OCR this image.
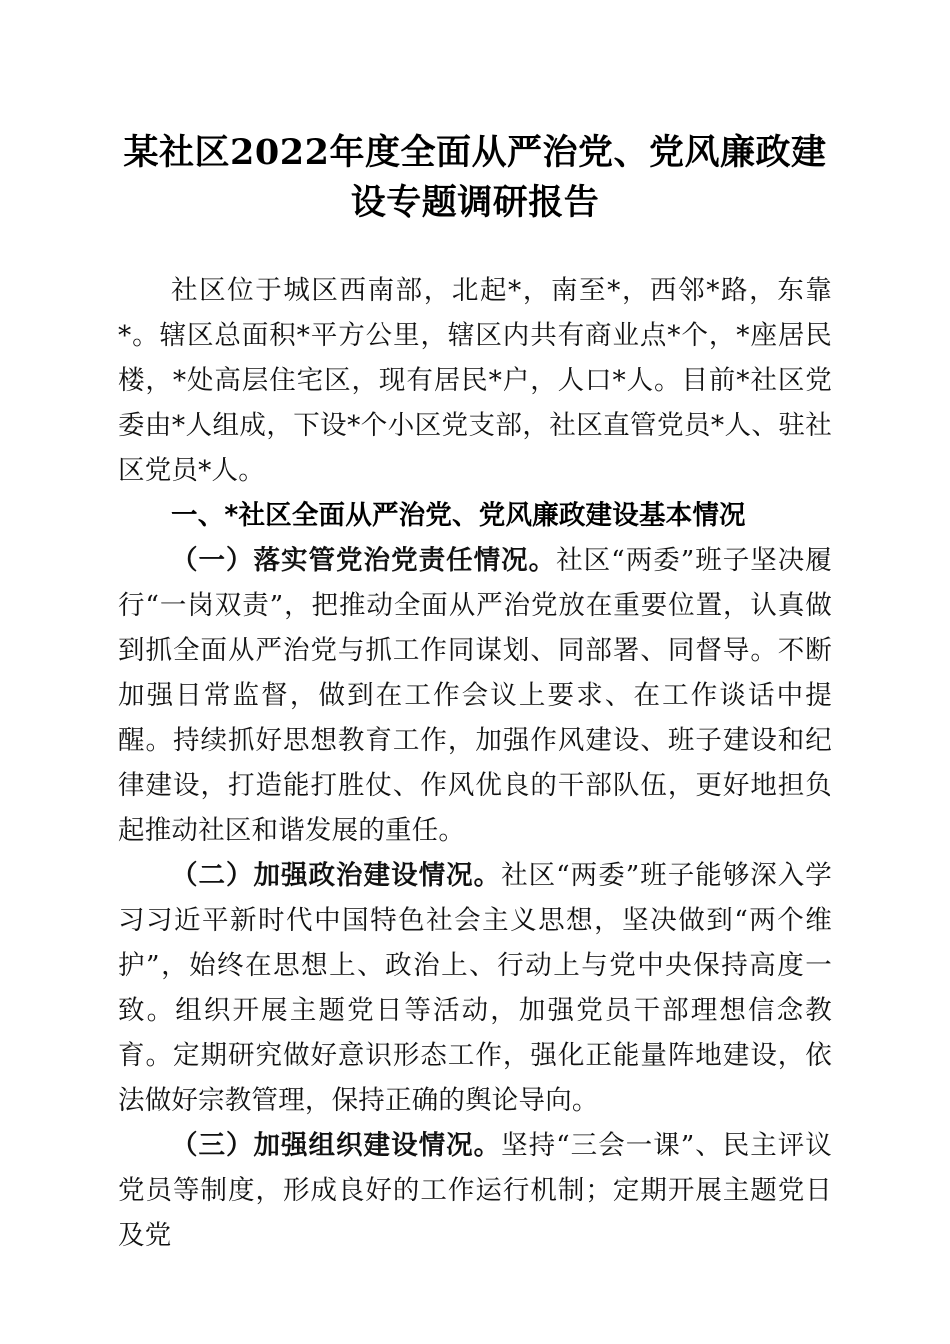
某社区2022年度全面从严治党、党风廉政建设专题调研报告

社区位于城区西南部，北起*，南至*，西邻*路，东靠*。辖区总面积*平方公里，辖区内共有商业点*个，*座居民楼，*处高层住宅区，现有居民*户，人口*人。目前*社区党委由*人组成，下设*个小区党支部，社区直管党员*人、驻社区党员*人。

一、*社区全面从严治党、党风廉政建设基本情况

（一）落实管党治党责任情况。社区“两委”班子坚决履行“一岗双责”，把推动全面从严治党放在重要位置，认真做到抓全面从严治党与抓工作同谋划、同部署、同督导。不断加强日常监督，做到在工作会议上要求、在工作谈话中提醒。持续抓好思想教育工作，加强作风建设、班子建设和纪律建设，打造能打胜仗、作风优良的干部队伍，更好地担负起推动社区和谐发展的重任。

（二）加强政治建设情况。社区“两委”班子能够深入学习习近平新时代中国特色社会主义思想，坚决做到“两个维护”，始终在思想上、政治上、行动上与党中央保持高度一致。组织开展主题党日等活动，加强党员干部理想信念教育。定期研究做好意识形态工作，强化正能量阵地建设，依法做好宗教管理，保持正确的舆论导向。

（三）加强组织建设情况。坚持“三会一课”、民主评议党员等制度，形成良好的工作运行机制；定期开展主题党日及党
